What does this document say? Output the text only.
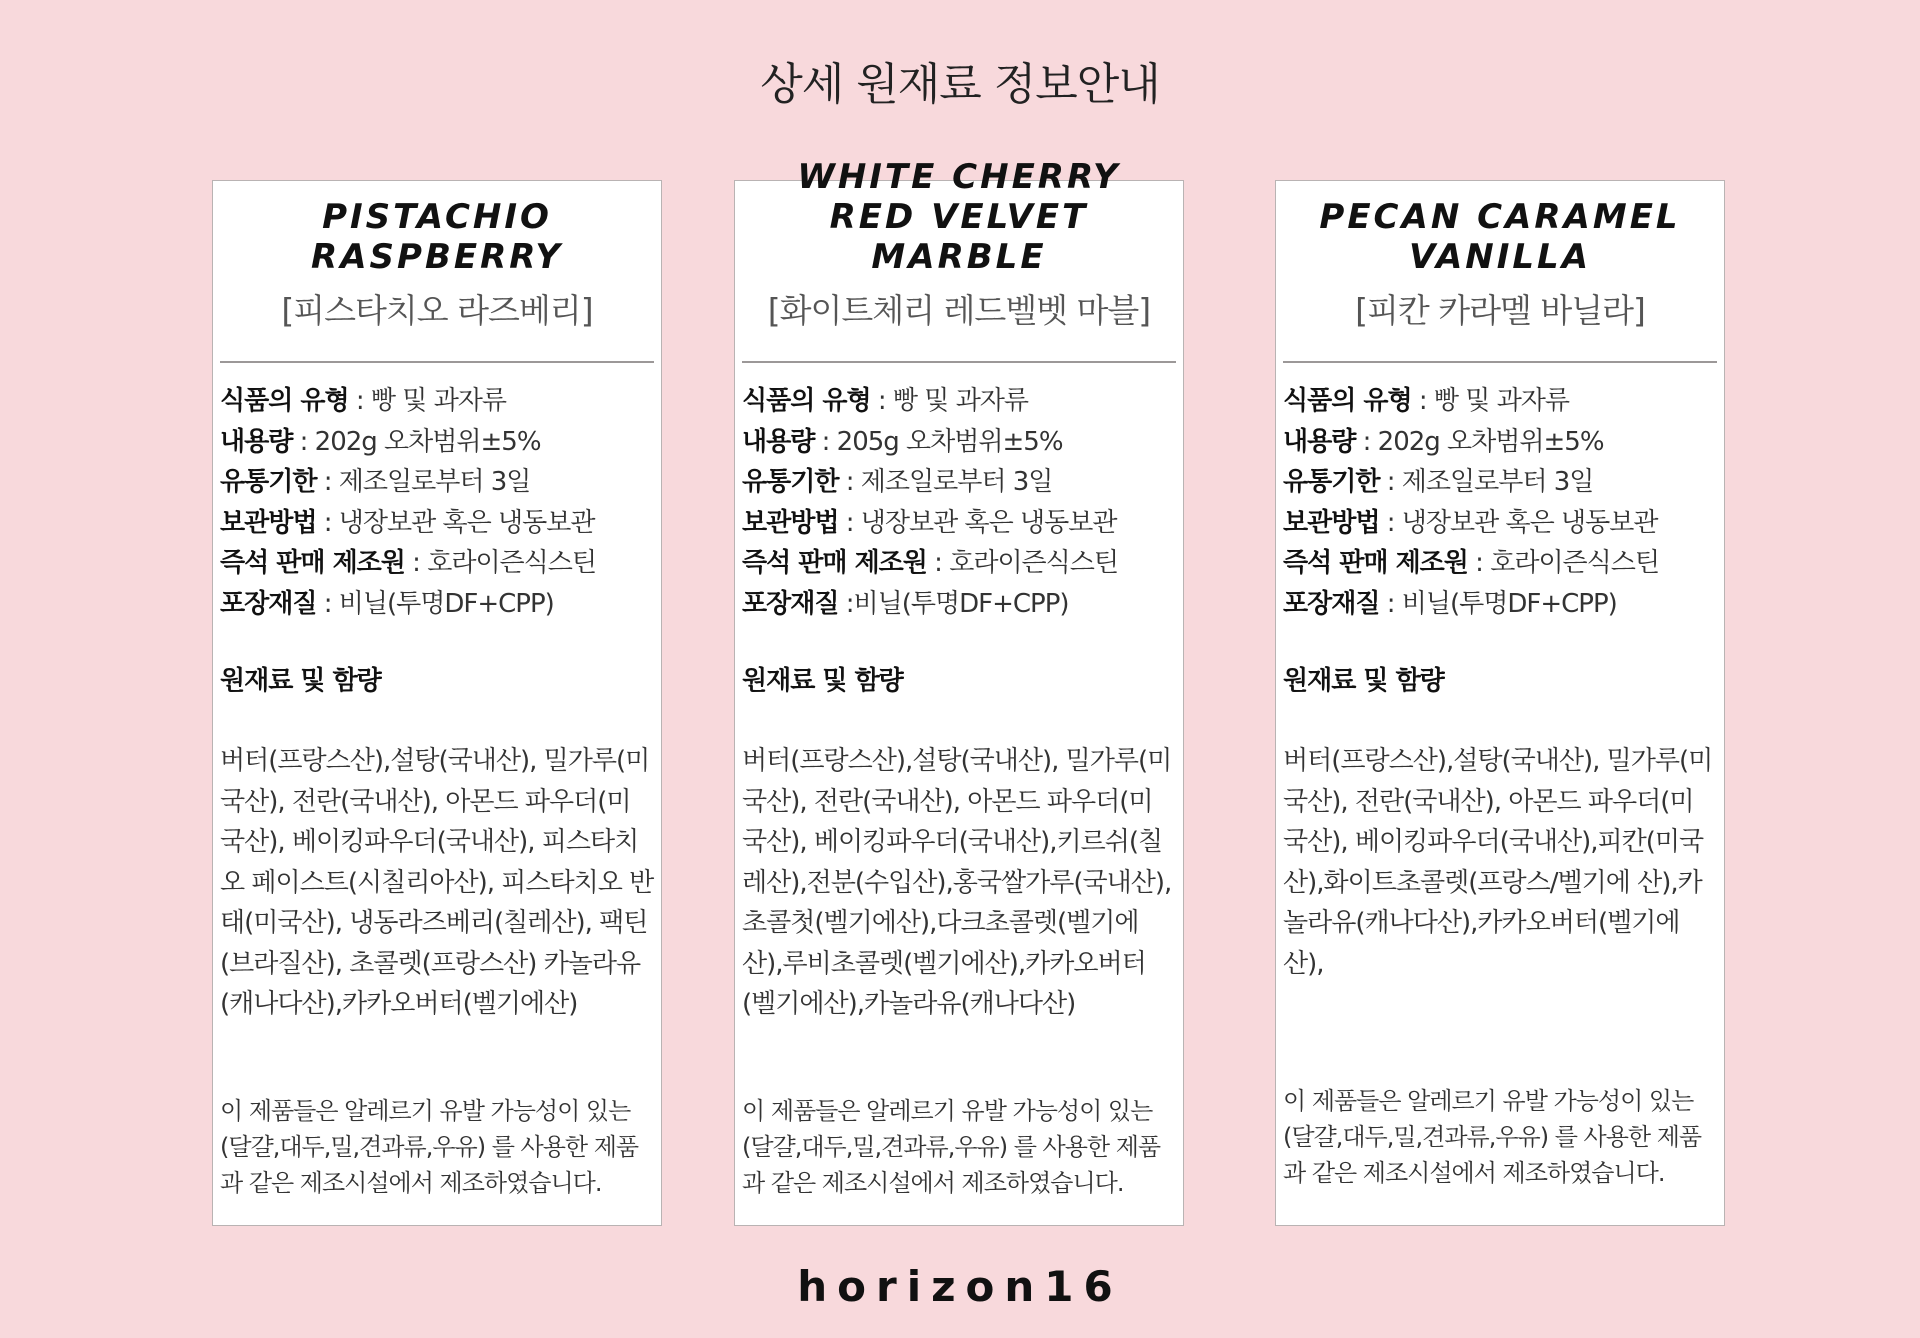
상세 원재료 정보안내
PISTACHIO RASPBERRY
[피스타치오 라즈베리]
식품의 유형 : 빵 및 과자류
내용량 : 202g 오차범위±5%
유통기한 : 제조일로부터 3일
보관방법 : 냉장보관 혹은 냉동보관
즉석 판매 제조원 : 호라이즌식스틴
포장재질 : 비닐(투명DF+CPP)
원재료 및 함량
버터(프랑스산),설탕(국내산), 밀가루(미국산), 전란(국내산), 아몬드 파우더(미국산), 베이킹파우더(국내산), 피스타치오 페이스트(시칠리아산), 피스타치오 반태(미국산), 냉동라즈베리(칠레산), 팩틴(브라질산), 초콜렛(프랑스산) 카놀라유(캐나다산),카카오버터(벨기에산)
이 제품들은 알레르기 유발 가능성이 있는 (달걀,대두,밀,견과류,우유) 를 사용한 제품과 같은 제조시설에서 제조하였습니다.
WHITE CHERRY
RED VELVET MARBLE
[화이트체리 레드벨벳 마블]
식품의 유형 : 빵 및 과자류
내용량 : 205g 오차범위±5%
유통기한 : 제조일로부터 3일
보관방법 : 냉장보관 혹은 냉동보관
즉석 판매 제조원 : 호라이즌식스틴
포장재질 :비닐(투명DF+CPP)
원재료 및 함량
버터(프랑스산),설탕(국내산), 밀가루(미국산), 전란(국내산), 아몬드 파우더(미국산), 베이킹파우더(국내산),키르쉬(칠레산),전분(수입산),홍국쌀가루(국내산),초콜첫(벨기에산),다크초콜렛(벨기에산),루비초콜렛(벨기에산),카카오버터(벨기에산),카놀라유(캐나다산)
이 제품들은 알레르기 유발 가능성이 있는 (달걀,대두,밀,견과류,우유) 를 사용한 제품과 같은 제조시설에서 제조하였습니다.
PECAN CARAMEL
VANILLA
[피칸 카라멜 바닐라]
식품의 유형 : 빵 및 과자류
내용량 : 202g 오차범위±5%
유통기한 : 제조일로부터 3일
보관방법 : 냉장보관 혹은 냉동보관
즉석 판매 제조원 : 호라이즌식스틴
포장재질 : 비닐(투명DF+CPP)
원재료 및 함량
버터(프랑스산),설탕(국내산), 밀가루(미국산), 전란(국내산), 아몬드 파우더(미국산), 베이킹파우더(국내산),피칸(미국산),화이트초콜렛(프랑스/벨기에 산),카놀라유(캐나다산),카카오버터(벨기에산),
이 제품들은 알레르기 유발 가능성이 있는 (달걀,대두,밀,견과류,우유) 를 사용한 제품과 같은 제조시설에서 제조하였습니다.
horizon16
